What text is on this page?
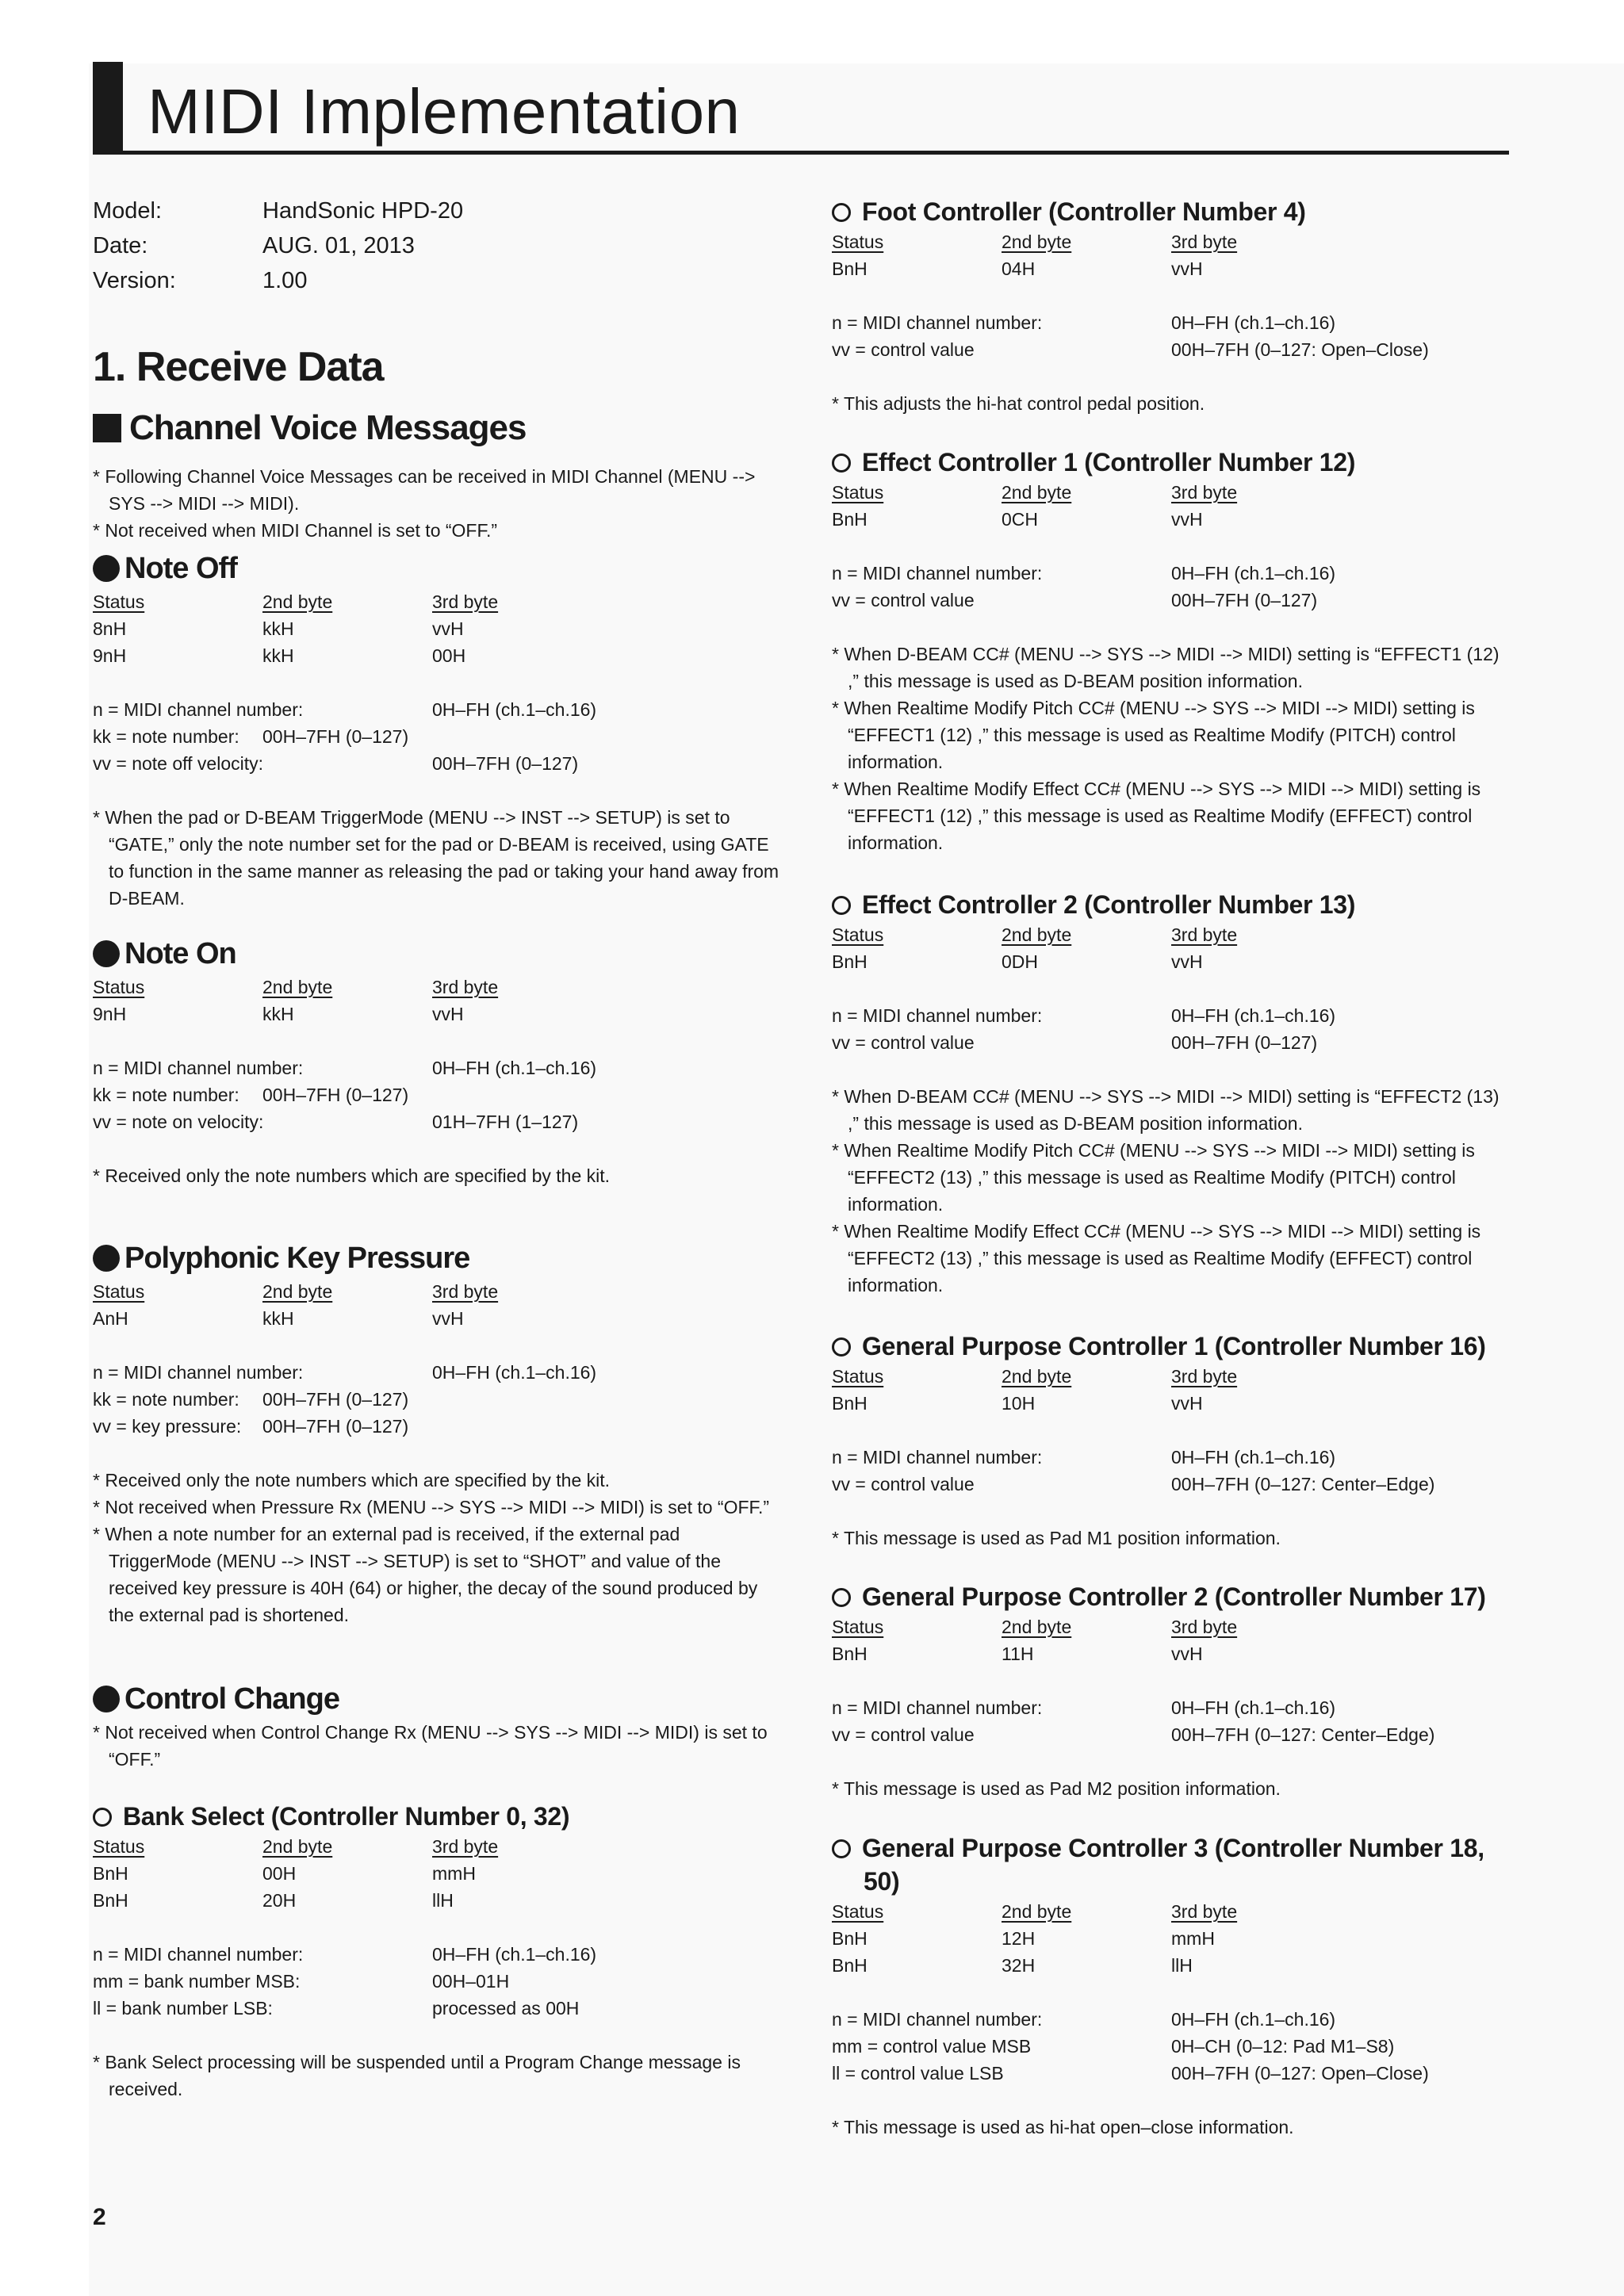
MIDI Implementation
Model:	HandSonic HPD-20
Date:	AUG. 01, 2013
Version:	1.00
1. Receive Data
Channel Voice Messages
* Following Channel Voice Messages can be received in MIDI Channel (MENU --> SYS --> MIDI --> MIDI).
* Not received when MIDI Channel is set to “OFF.”
Note Off
Status	2nd byte	3rd byte
8nH	kkH	vvH
9nH	kkH	00H
n = MIDI channel number:	0H–FH (ch.1–ch.16)
kk = note number:	00H–7FH (0–127)
vv = note off velocity:	00H–7FH (0–127)
* When the pad or D-BEAM TriggerMode (MENU --> INST --> SETUP) is set to “GATE,” only the note number set for the pad or D-BEAM is received, using GATE to function in the same manner as releasing the pad or taking your hand away from D-BEAM.
Note On
Status	2nd byte	3rd byte
9nH	kkH	vvH
n = MIDI channel number:	0H–FH (ch.1–ch.16)
kk = note number:	00H–7FH (0–127)
vv = note on velocity:	01H–7FH (1–127)
* Received only the note numbers which are specified by the kit.
Polyphonic Key Pressure
Status	2nd byte	3rd byte
AnH	kkH	vvH
n = MIDI channel number:	0H–FH (ch.1–ch.16)
kk = note number:	00H–7FH (0–127)
vv = key pressure:	00H–7FH (0–127)
* Received only the note numbers which are specified by the kit.
* Not received when Pressure Rx (MENU --> SYS --> MIDI --> MIDI) is set to “OFF.”
* When a note number for an external pad is received, if the external pad TriggerMode (MENU --> INST --> SETUP) is set to “SHOT” and value of the received key pressure is 40H (64) or higher, the decay of the sound produced by the external pad is shortened.
Control Change
* Not received when Control Change Rx (MENU --> SYS --> MIDI --> MIDI) is set to “OFF.”
Bank Select (Controller Number 0, 32)
Status	2nd byte	3rd byte
BnH	00H	mmH
BnH	20H	llH
n = MIDI channel number:	0H–FH (ch.1–ch.16)
mm = bank number MSB:	00H–01H
ll = bank number LSB:	processed as 00H
* Bank Select processing will be suspended until a Program Change message is received.
Foot Controller (Controller Number 4)
Status	2nd byte	3rd byte
BnH	04H	vvH
n = MIDI channel number:	0H–FH (ch.1–ch.16)
vv = control value	00H–7FH (0–127: Open–Close)
* This adjusts the hi-hat control pedal position.
Effect Controller 1 (Controller Number 12)
Status	2nd byte	3rd byte
BnH	0CH	vvH
n = MIDI channel number:	0H–FH (ch.1–ch.16)
vv = control value	00H–7FH (0–127)
* When D-BEAM CC# (MENU --> SYS --> MIDI --> MIDI) setting is “EFFECT1 (12) ,” this message is used as D-BEAM position information.
* When Realtime Modify Pitch CC# (MENU --> SYS --> MIDI --> MIDI) setting is “EFFECT1 (12) ,” this message is used as Realtime Modify (PITCH) control information.
* When Realtime Modify Effect CC# (MENU --> SYS --> MIDI --> MIDI) setting is “EFFECT1 (12) ,” this message is used as Realtime Modify (EFFECT) control information.
Effect Controller 2 (Controller Number 13)
Status	2nd byte	3rd byte
BnH	0DH	vvH
n = MIDI channel number:	0H–FH (ch.1–ch.16)
vv = control value	00H–7FH (0–127)
* When D-BEAM CC# (MENU --> SYS --> MIDI --> MIDI) setting is “EFFECT2 (13) ,” this message is used as D-BEAM position information.
* When Realtime Modify Pitch CC# (MENU --> SYS --> MIDI --> MIDI) setting is “EFFECT2 (13) ,” this message is used as Realtime Modify (PITCH) control information.
* When Realtime Modify Effect CC# (MENU --> SYS --> MIDI --> MIDI) setting is “EFFECT2 (13) ,” this message is used as Realtime Modify (EFFECT) control information.
General Purpose Controller 1 (Controller Number 16)
Status	2nd byte	3rd byte
BnH	10H	vvH
n = MIDI channel number:	0H–FH (ch.1–ch.16)
vv = control value	00H–7FH (0–127: Center–Edge)
* This message is used as Pad M1 position information.
General Purpose Controller 2 (Controller Number 17)
Status	2nd byte	3rd byte
BnH	11H	vvH
n = MIDI channel number:	0H–FH (ch.1–ch.16)
vv = control value	00H–7FH (0–127: Center–Edge)
* This message is used as Pad M2 position information.
General Purpose Controller 3 (Controller Number 18, 50)
Status	2nd byte	3rd byte
BnH	12H	mmH
BnH	32H	llH
n = MIDI channel number:	0H–FH (ch.1–ch.16)
mm = control value MSB	0H–CH (0–12: Pad M1–S8)
ll = control value LSB	00H–7FH (0–127: Open–Close)
* This message is used as hi-hat open–close information.
2
